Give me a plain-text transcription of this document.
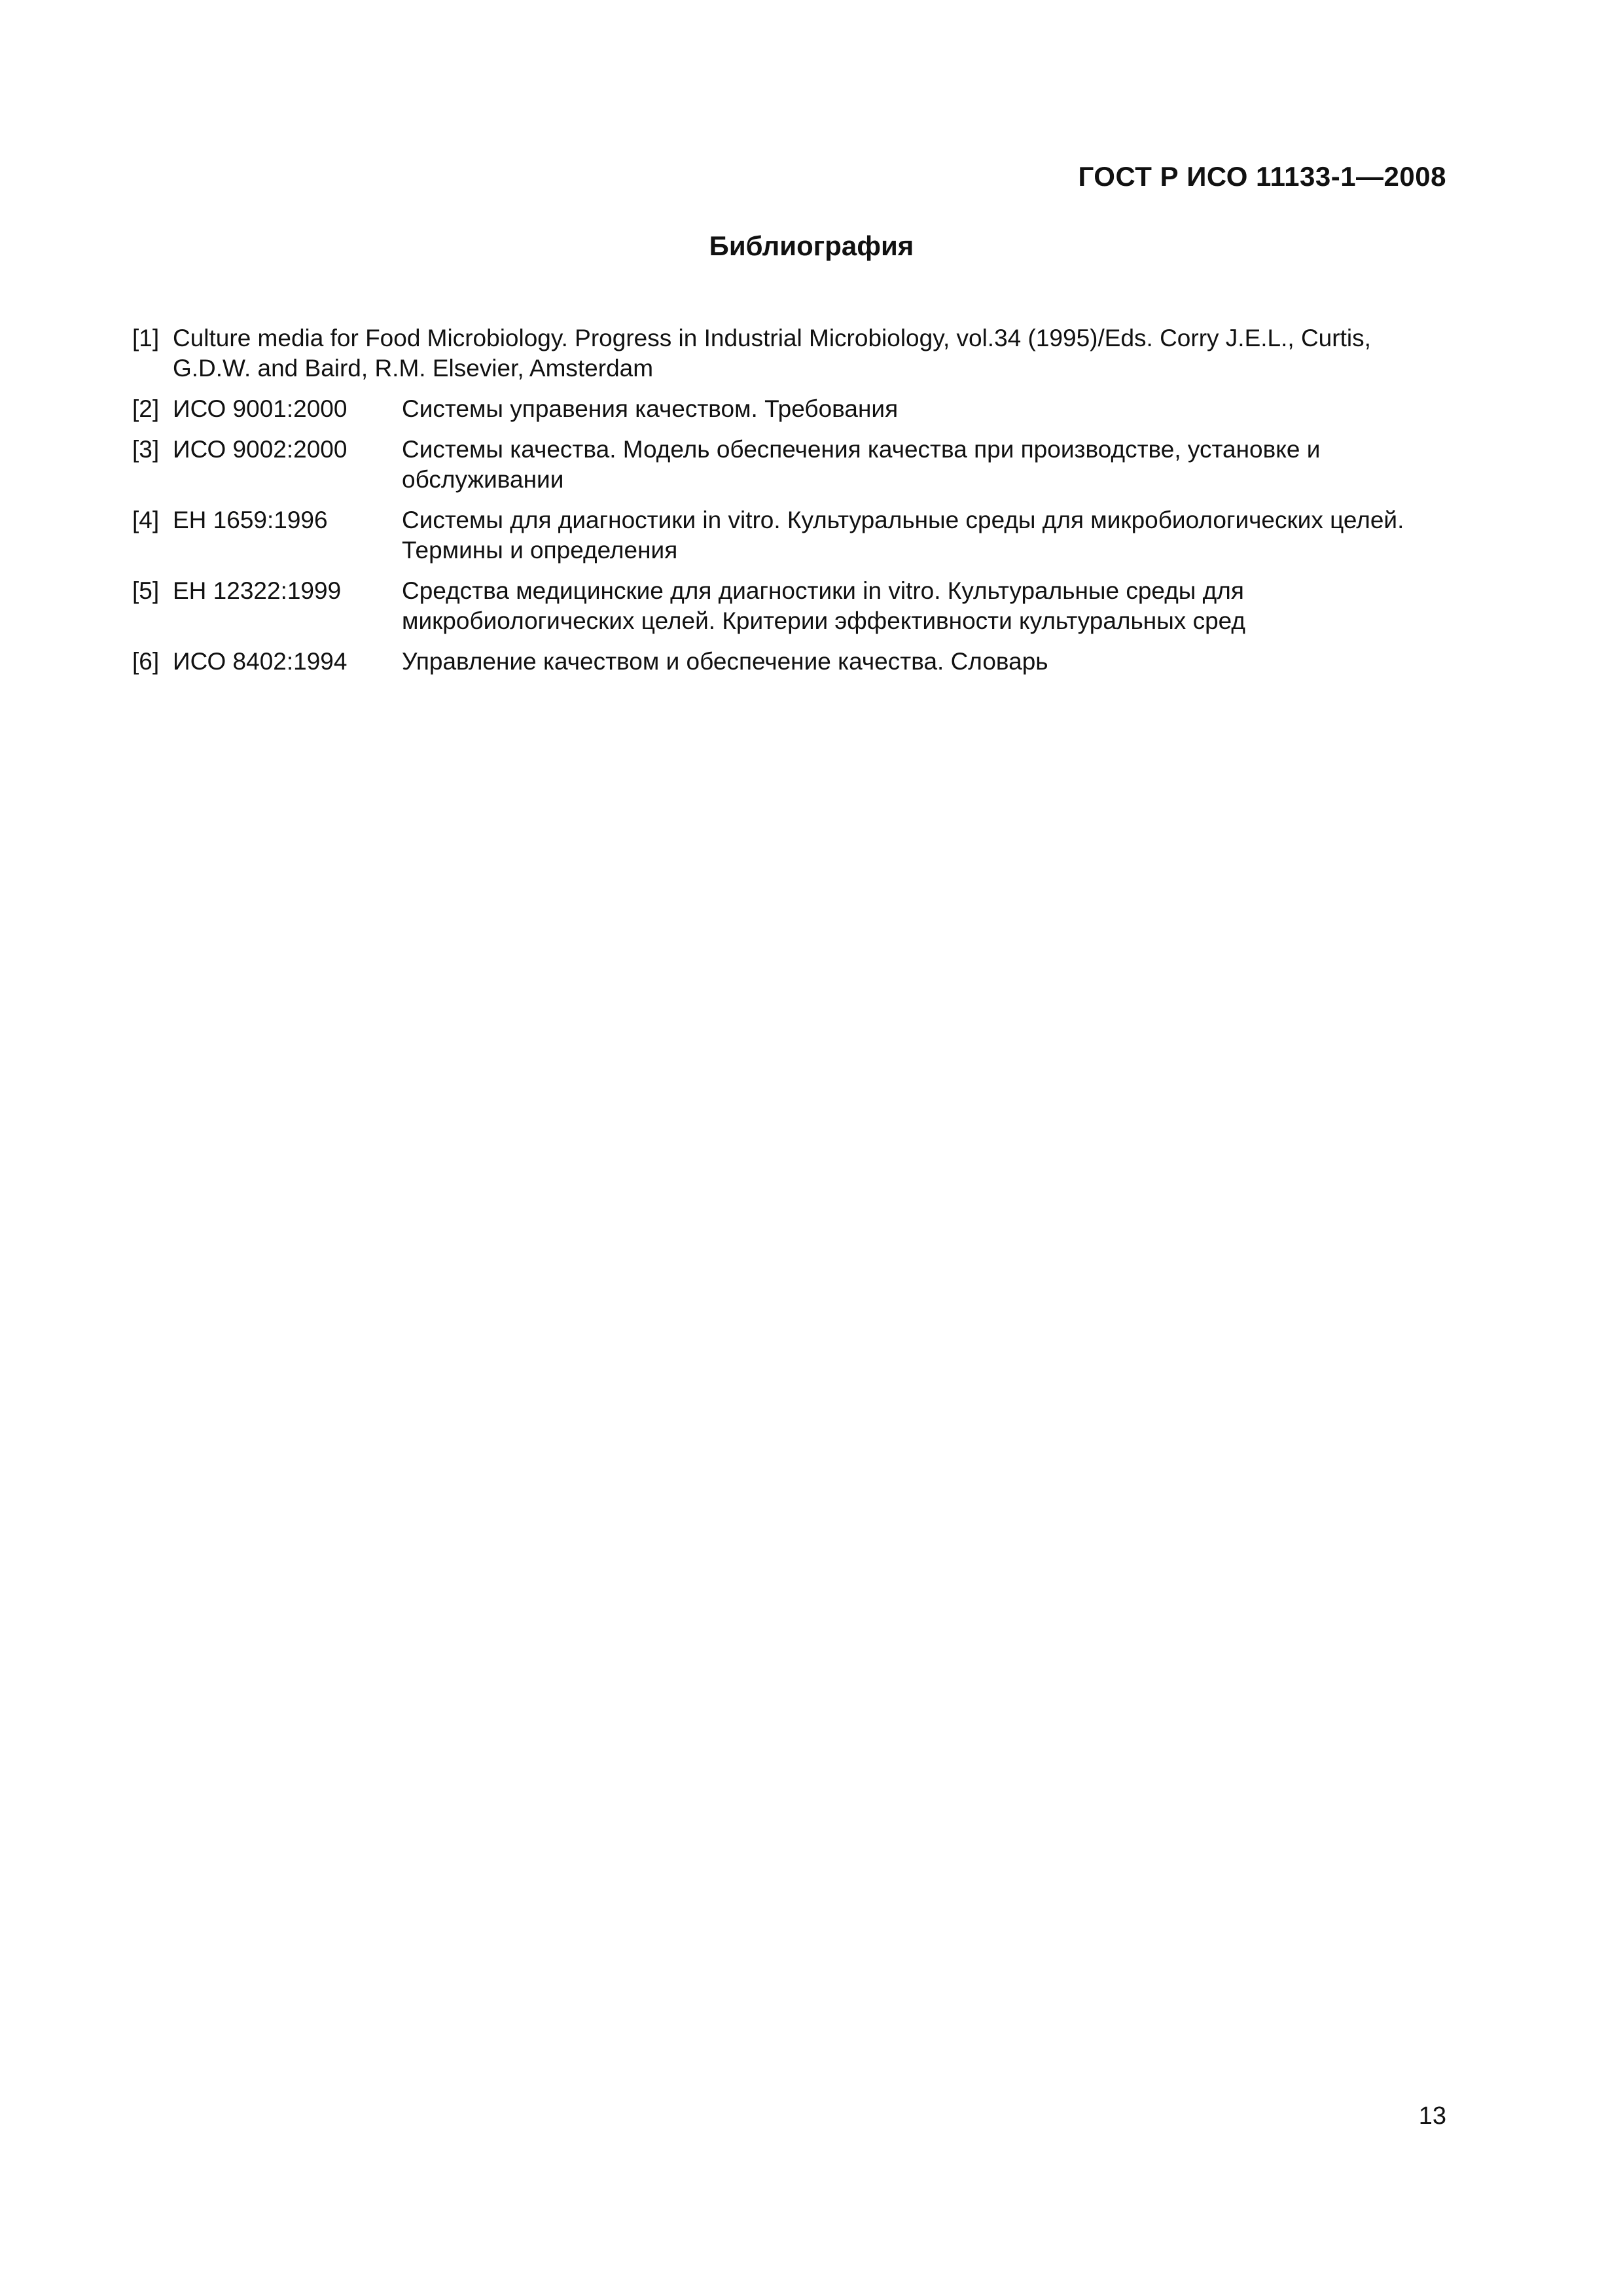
ГОСТ Р ИСО 11133-1—2008
Библиография
[1] Culture media for Food Microbiology. Progress in Industrial Microbiology, vol.34 (1995)/Eds. Corry J.E.L., Curtis, G.D.W. and Baird, R.M. Elsevier, Amsterdam
[2] ИСО 9001:2000 Системы управения качеством. Требования
[3] ИСО 9002:2000 Системы качества. Модель обеспечения качества при производстве, установке и обслуживании
[4] ЕН 1659:1996	Системы для диагностики in vitro. Культуральные среды для микробиологических целей. Термины и определения
[5] ЕН 12322:1999	Средства медицинские для диагностики in vitro. Культуральные среды для микробиологических целей. Критерии эффективности культуральных сред
[6] ИСО 8402:1994 Управление качеством и обеспечение качества. Словарь
13
